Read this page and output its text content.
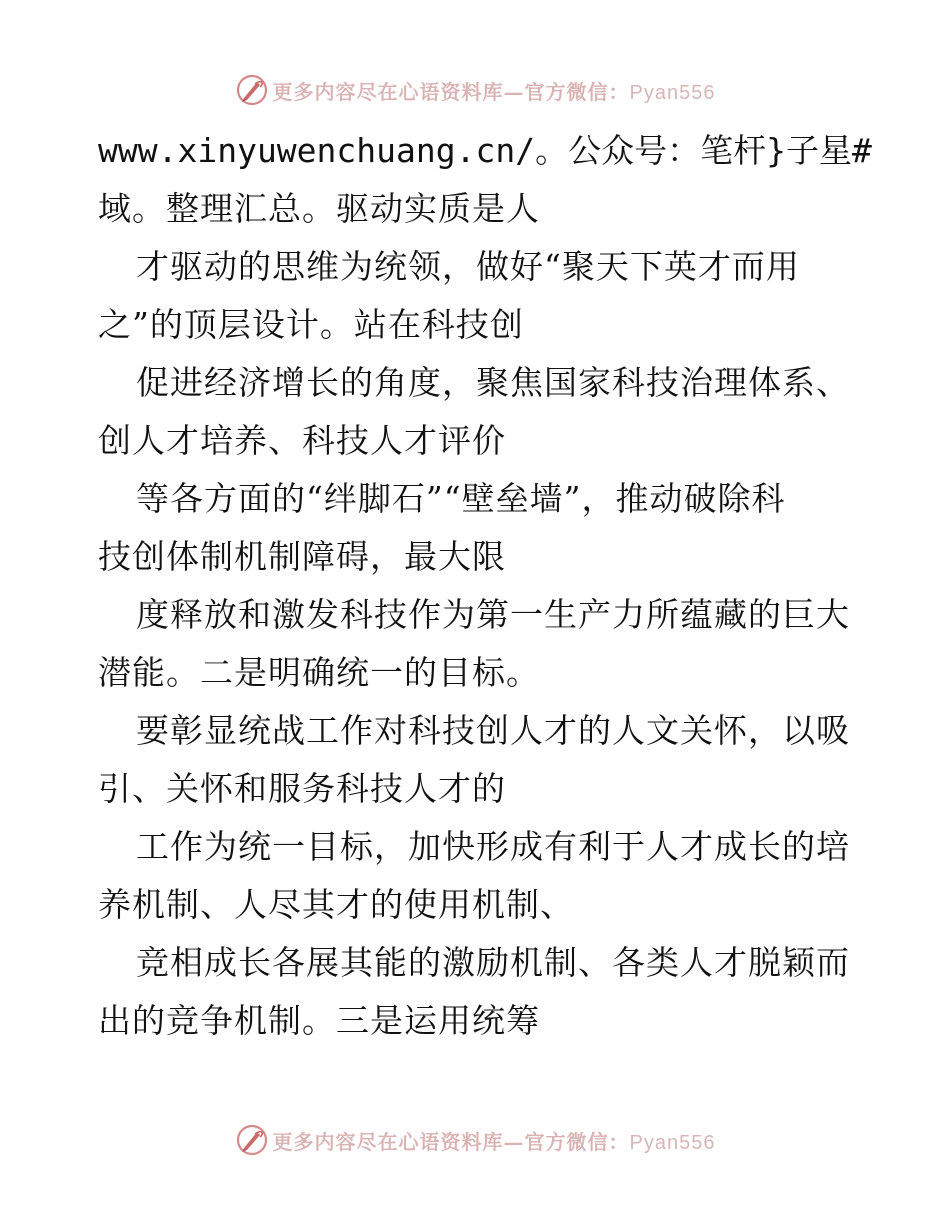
更多内容尽在心语资料库—官方微信：Pyan556
www.xinyuwenchuang.cn/。公众号：笔杆}子星#
域。整理汇总。驱动实质是人
才驱动的思维为统领，做好“聚天下英才而用
之”的顶层设计。站在科技创
促进经济增长的角度，聚焦国家科技治理体系、
创人才培养、科技人才评价
等各方面的“绊脚石”“壁垒墙”，推动破除科
技创体制机制障碍，最大限
度释放和激发科技作为第一生产力所蕴藏的巨大
潜能。二是明确统一的目标。
要彰显统战工作对科技创人才的人文关怀，以吸
引、关怀和服务科技人才的
工作为统一目标，加快形成有利于人才成长的培
养机制、人尽其才的使用机制、
竞相成长各展其能的激励机制、各类人才脱颖而
出的竞争机制。三是运用统筹
更多内容尽在心语资料库—官方微信：Pyan556
